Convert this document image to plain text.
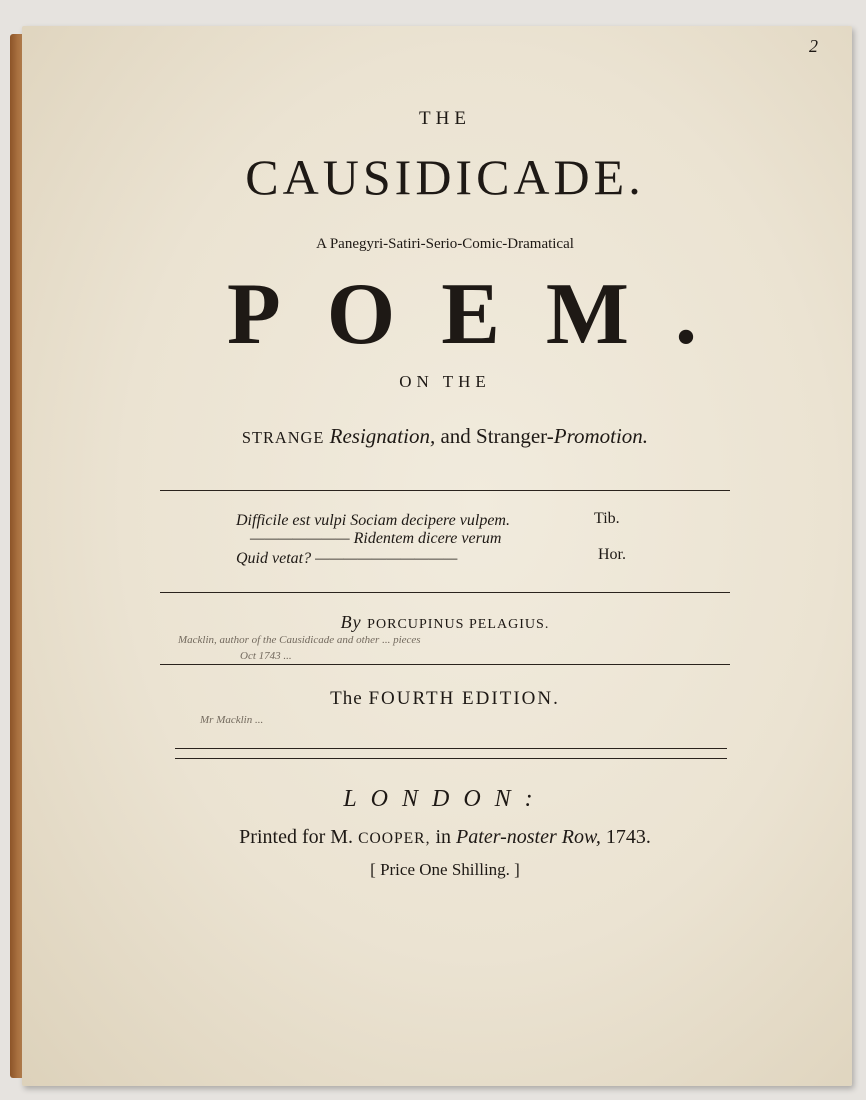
2
THE
CAUSIDICADE.
A Panegyri-Satiri-Serio-Comic-Dramatical
POEM.
ON THE
STRANGE Resignation, and Stranger-Promotion.
Difficile est vulpi Sociam decipere vulpem.	Tib.
——————— Ridentem dicere verum
Quid vetat? ——————————	Hor.
By PORCUPINUS PELAGIUS.
Macklin, author of the Causidicade and other ... pieces
Oct 1743 ...
The FOURTH EDITION.
Mr Macklin ...
LONDON:
Printed for M. COOPER, in Pater-noster Row, 1743.
[ Price One Shilling. ]
